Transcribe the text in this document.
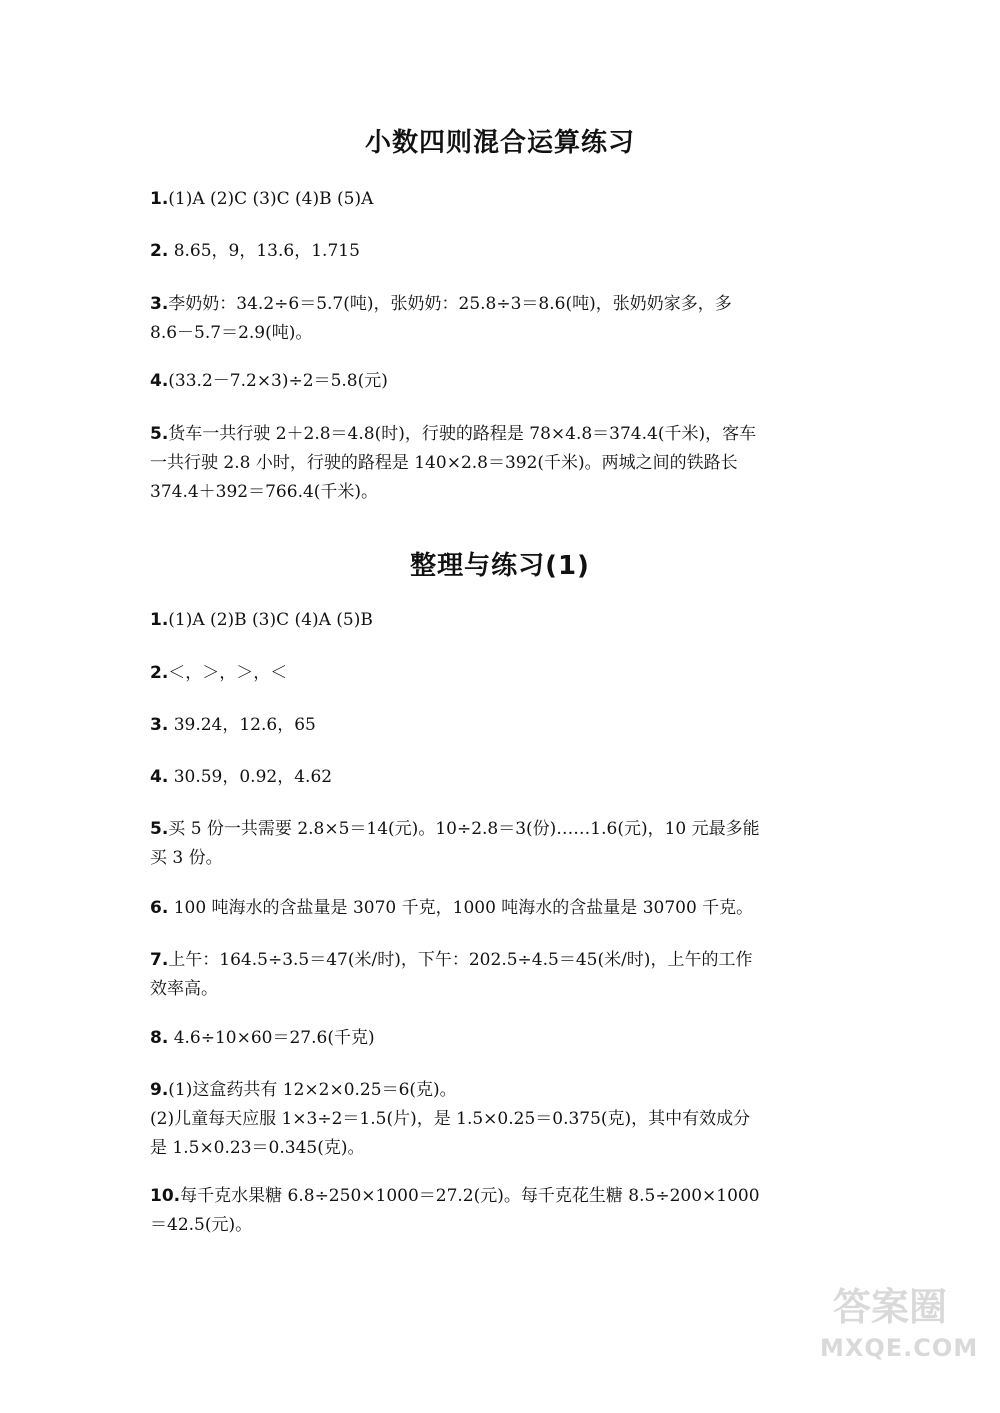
小数四则混合运算练习
1.(1)A (2)C (3)C (4)B (5)A
2. 8.65，9，13.6，1.715
3.李奶奶：34.2÷6＝5.7(吨)，张奶奶：25.8÷3＝8.6(吨)，张奶奶家多，多
8.6－5.7＝2.9(吨)。
4.(33.2－7.2×3)÷2＝5.8(元)
5.货车一共行驶 2＋2.8＝4.8(时)，行驶的路程是 78×4.8＝374.4(千米)，客车
一共行驶 2.8 小时，行驶的路程是 140×2.8＝392(千米)。两城之间的铁路长
374.4＋392＝766.4(千米)。
整理与练习(1)
1.(1)A (2)B (3)C (4)A (5)B
2.＜，＞，＞，＜
3. 39.24，12.6，65
4. 30.59，0.92，4.62
5.买 5 份一共需要 2.8×5＝14(元)。10÷2.8＝3(份)……1.6(元)，10 元最多能
买 3 份。
6. 100 吨海水的含盐量是 3070 千克，1000 吨海水的含盐量是 30700 千克。
7.上午：164.5÷3.5＝47(米/时)，下午：202.5÷4.5＝45(米/时)，上午的工作
效率高。
8. 4.6÷10×60＝27.6(千克)
9.(1)这盒药共有 12×2×0.25＝6(克)。
(2)儿童每天应服 1×3÷2＝1.5(片)，是 1.5×0.25＝0.375(克)，其中有效成分
是 1.5×0.23＝0.345(克)。
10.每千克水果糖 6.8÷250×1000＝27.2(元)。每千克花生糖 8.5÷200×1000
＝42.5(元)。
答案圈
MXQE.COM
